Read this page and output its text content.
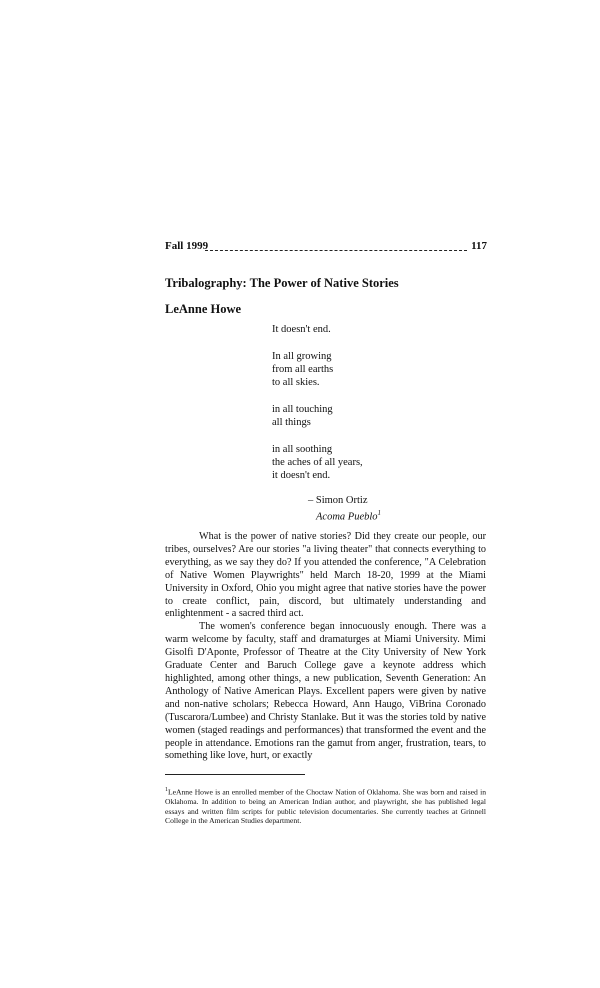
Fall 1999	117
Tribalography: The Power of Native Stories
LeAnne Howe
It doesn't end.
In all growing
from all earths
to all skies.
in all touching
all things
in all soothing
the aches of all years,
it doesn't end.
– Simon Ortiz
Acoma Pueblo$^1$

What is the power of native stories? Did they create our people, our tribes, ourselves? Are our stories "a living theater" that connects everything to everything, as we say they do? If you attended the conference, "A Celebration of Native Women Playwrights" held March 18-20, 1999 at the Miami University in Oxford, Ohio you might agree that native stories have the power to create conflict, pain, discord, but ultimately understanding and enlightenment - a sacred third act.

The women's conference began innocuously enough. There was a warm welcome by faculty, staff and dramaturges at Miami University. Mimi Gisolfi D'Aponte, Professor of Theatre at the City University of New York Graduate Center and Baruch College gave a keynote address which highlighted, among other things, a new publication, Seventh Generation: An Anthology of Native American Plays. Excellent papers were given by native and non-native scholars; Rebecca Howard, Ann Haugo, ViBrina Coronado (Tuscarora/Lumbee) and Christy Stanlake. But it was the stories told by native women (staged readings and performances) that transformed the event and the people in attendance. Emotions ran the gamut from anger, frustration, tears, to something like love, hurt, or exactly

$^1$LeAnne Howe is an enrolled member of the Choctaw Nation of Oklahoma. She was born and raised in Oklahoma. In addition to being an American Indian author, and playwright, she has published legal essays and written film scripts for public television documentaries. She currently teaches at Grinnell College in the American Studies department.
